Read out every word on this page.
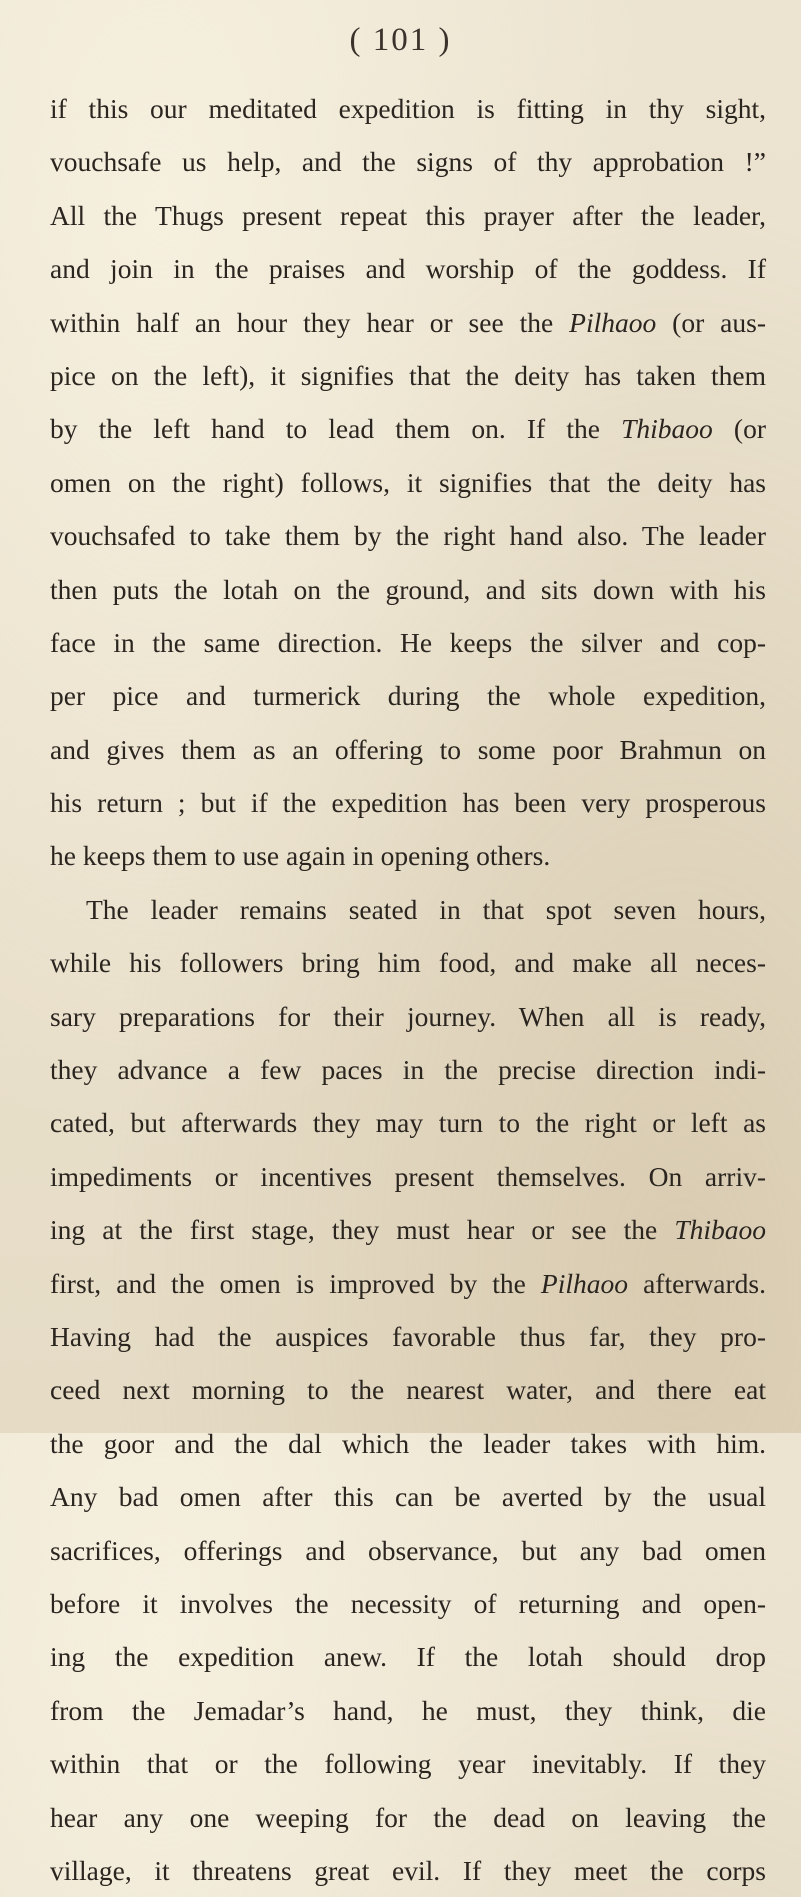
( 101 )
if this our meditated expedition is fitting in thy sight,
vouchsafe us help, and the signs of thy approbation !”
All the Thugs present repeat this prayer after the leader,
and join in the praises and worship of the goddess. If
within half an hour they hear or see the Pilhaoo (or aus-
pice on the left), it signifies that the deity has taken them
by the left hand to lead them on. If the Thibaoo (or
omen on the right) follows, it signifies that the deity has
vouchsafed to take them by the right hand also. The leader
then puts the lotah on the ground, and sits down with his
face in the same direction. He keeps the silver and cop-
per pice and turmerick during the whole expedition,
and gives them as an offering to some poor Brahmun on
his return ; but if the expedition has been very prosperous
he keeps them to use again in opening others.
The leader remains seated in that spot seven hours,
while his followers bring him food, and make all neces-
sary preparations for their journey. When all is ready,
they advance a few paces in the precise direction indi-
cated, but afterwards they may turn to the right or left as
impediments or incentives present themselves. On arriv-
ing at the first stage, they must hear or see the Thibaoo
first, and the omen is improved by the Pilhaoo afterwards.
Having had the auspices favorable thus far, they pro-
ceed next morning to the nearest water, and there eat
the goor and the dal which the leader takes with him.
Any bad omen after this can be averted by the usual
sacrifices, offerings and observance, but any bad omen
before it involves the necessity of returning and open-
ing the expedition anew. If the lotah should drop
from the Jemadar’s hand, he must, they think, die
within that or the following year inevitably. If they
hear any one weeping for the dead on leaving the
village, it threatens great evil. If they meet the corps
